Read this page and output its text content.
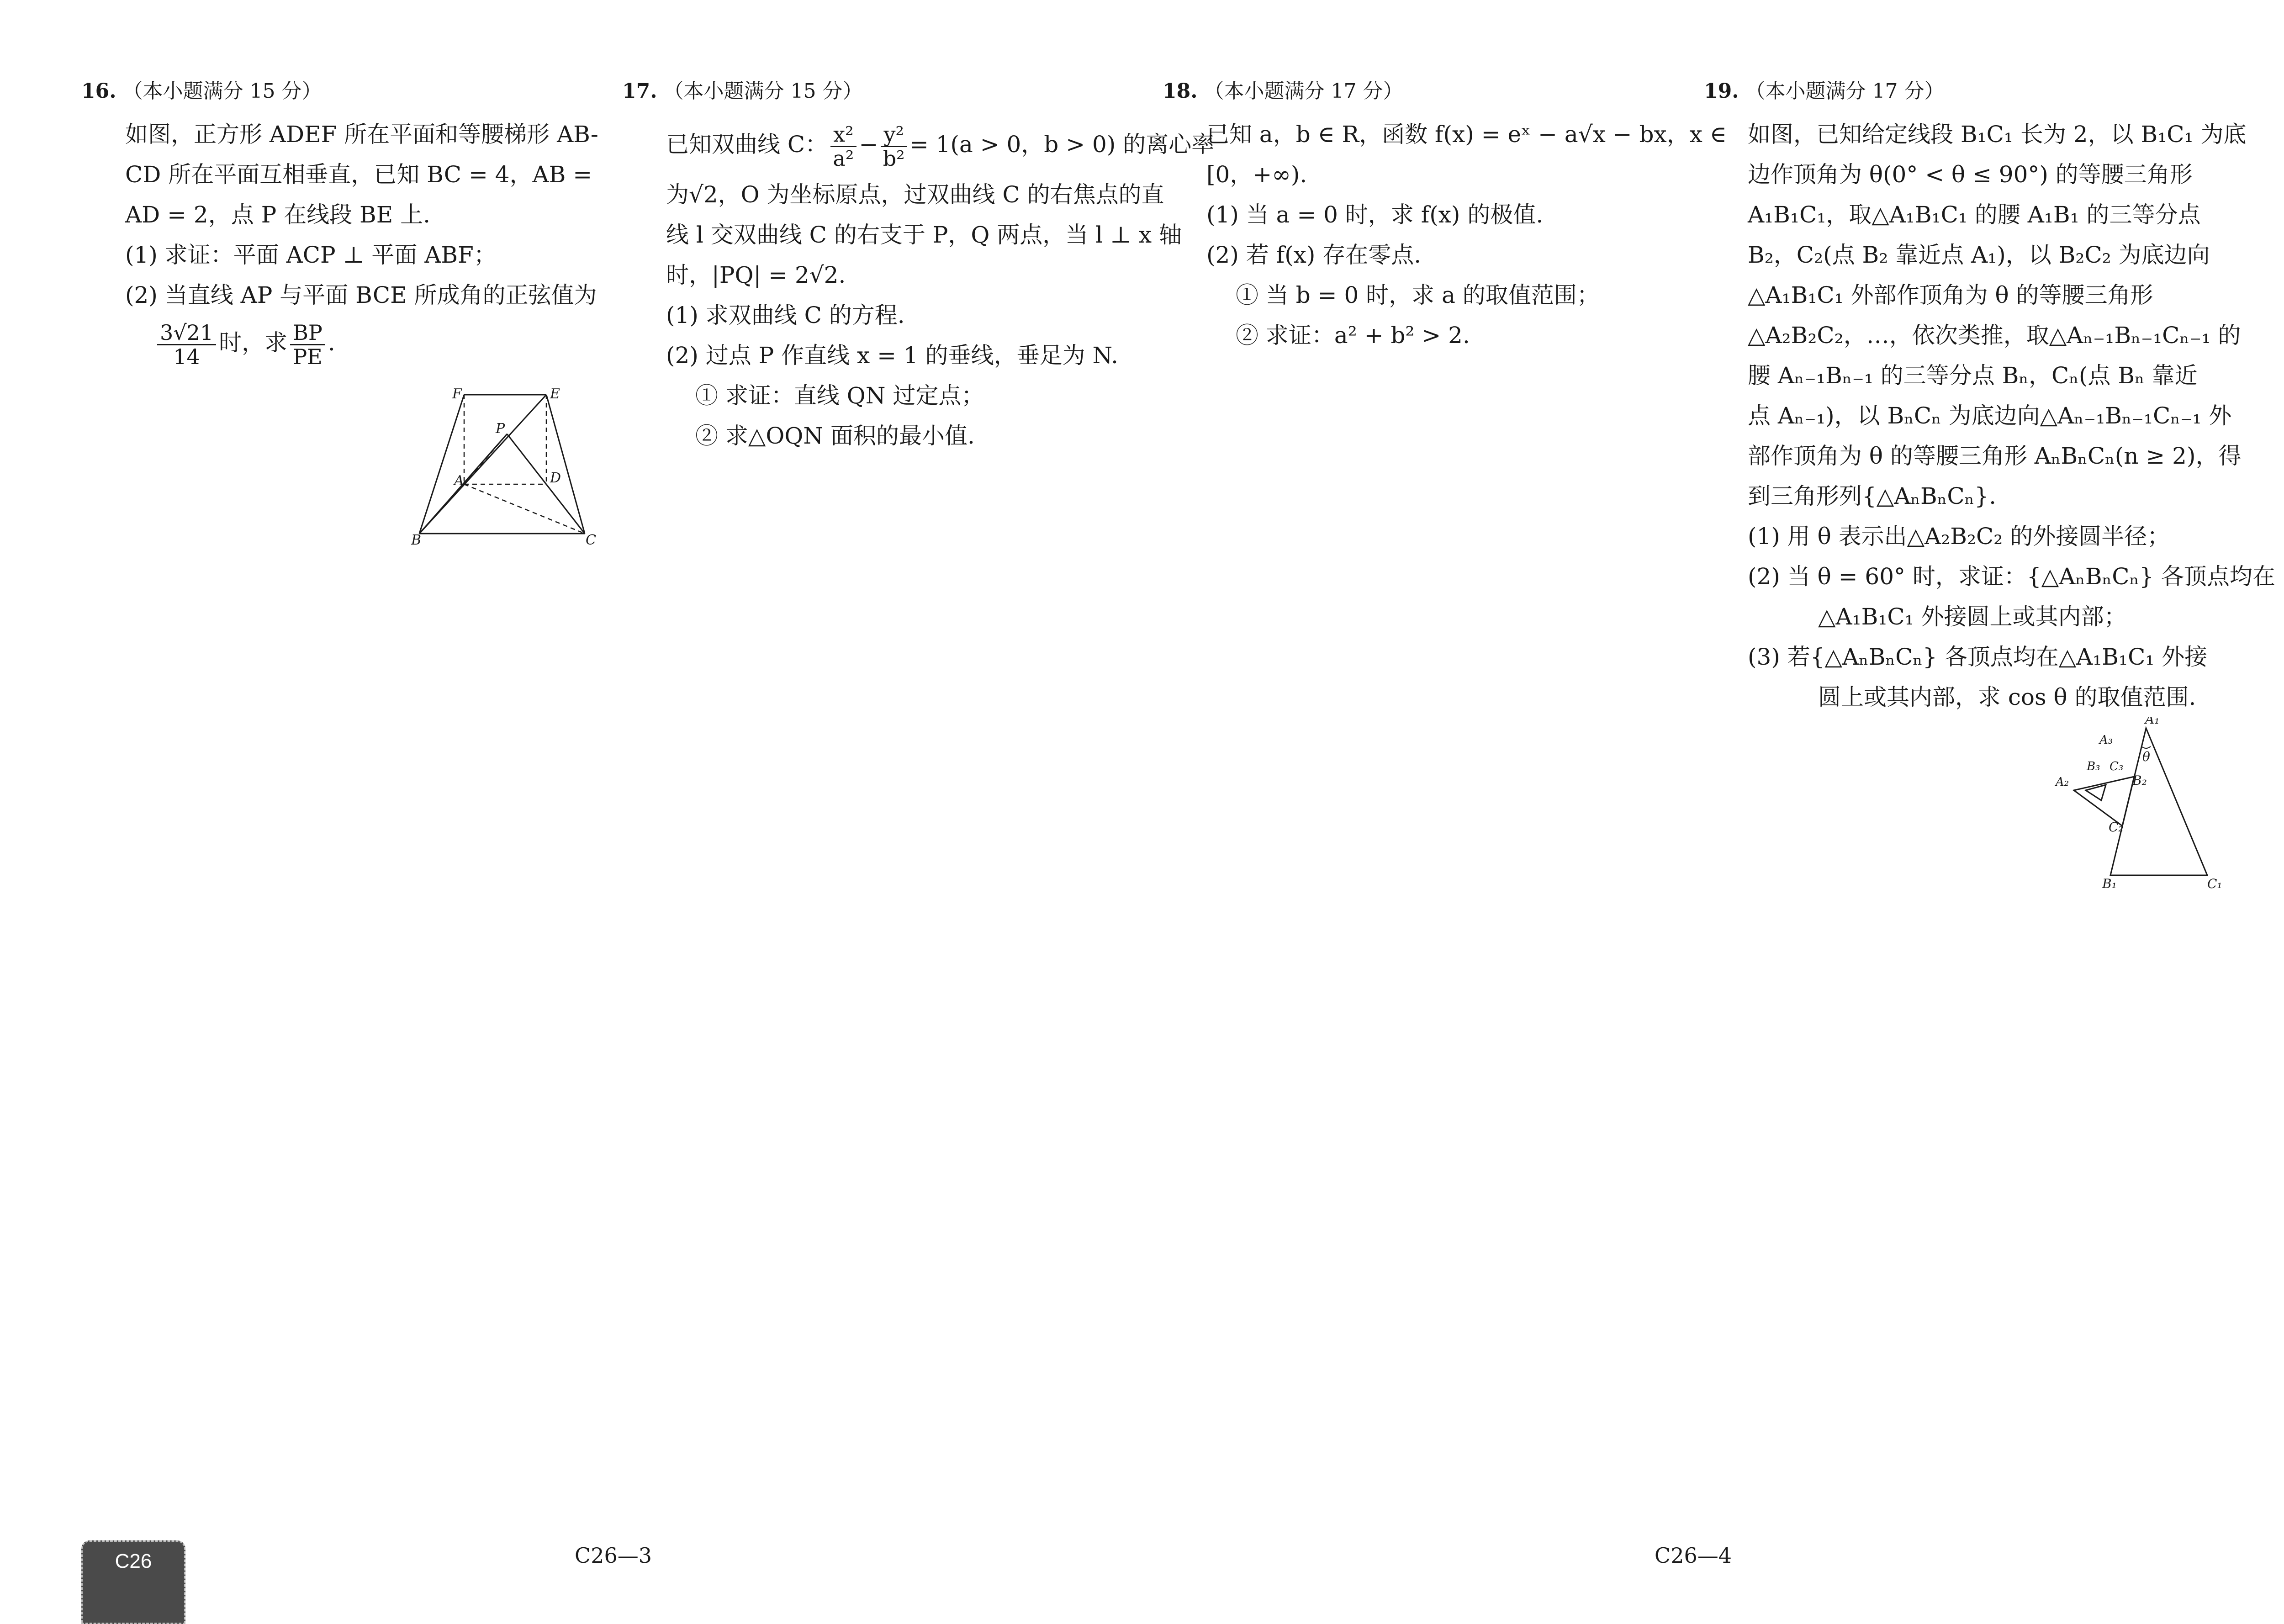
16. （本小题满分 15 分）
如图，正方形 ADEF 所在平面和等腰梯形 AB-
CD 所在平面互相垂直，已知 BC = 4，AB =
AD = 2，点 P 在线段 BE 上.
(1) 求证：平面 ACP ⊥ 平面 ABF；
(2) 当直线 AP 与平面 BCE 所成角的正弦值为
$\frac{3√21}{14}$ 时，求 $\frac{BP}{PE}$ .
F	E
P
A	D
B	C
17. （本小题满分 15 分）
已知双曲线 C： $\frac{\text{x²}}{\text{a²}} - \frac{\text{y²}}{\text{b²}} = 1(a > 0$，b > 0) 的离心率
为√2，O 为坐标原点，过双曲线 C 的右焦点的直
线 l 交双曲线 C 的右支于 P，Q 两点，当 l ⊥ x 轴
时，|PQ| = 2√2.
(1) 求双曲线 C 的方程.
(2) 过点 P 作直线 x = 1 的垂线，垂足为 N.
① 求证：直线 QN 过定点；
② 求△OQN 面积的最小值.
18. （本小题满分 17 分）
已知 a，b ∈ R，函数 f(x) = eˣ − a√x − bx，x ∈
[0，+∞).
(1) 当 a = 0 时，求 f(x) 的极值.
(2) 若 f(x) 存在零点.
① 当 b = 0 时，求 a 的取值范围；
② 求证：a² + b² > 2.
19. （本小题满分 17 分）
如图，已知给定线段 B₁C₁ 长为 2，以 B₁C₁ 为底
边作顶角为 θ(0° < θ ≤ 90°) 的等腰三角形
A₁B₁C₁，取△A₁B₁C₁ 的腰 A₁B₁ 的三等分点
B₂，C₂(点 B₂ 靠近点 A₁)，以 B₂C₂ 为底边向
△A₁B₁C₁ 外部作顶角为 θ 的等腰三角形
△A₂B₂C₂，…，依次类推，取△Aₙ₋₁Bₙ₋₁Cₙ₋₁ 的
腰 Aₙ₋₁Bₙ₋₁ 的三等分点 Bₙ，Cₙ(点 Bₙ 靠近
点 Aₙ₋₁)，以 BₙCₙ 为底边向△Aₙ₋₁Bₙ₋₁Cₙ₋₁ 外
部作顶角为 θ 的等腰三角形 AₙBₙCₙ(n ≥ 2)，得
到三角形列{△AₙBₙCₙ}.
(1) 用 θ 表示出△A₂B₂C₂ 的外接圆半径；
(2) 当 θ = 60° 时，求证：{△AₙBₙCₙ} 各顶点均在
△A₁B₁C₁ 外接圆上或其内部；
(3) 若{△AₙBₙCₙ} 各顶点均在△A₁B₁C₁ 外接
圆上或其内部，求 cos θ 的取值范围.
A₁
θ
A₃
B₃ C₃
A₂	B₂
C₂
B₁	C₁
C26	C26—3	C26—4
